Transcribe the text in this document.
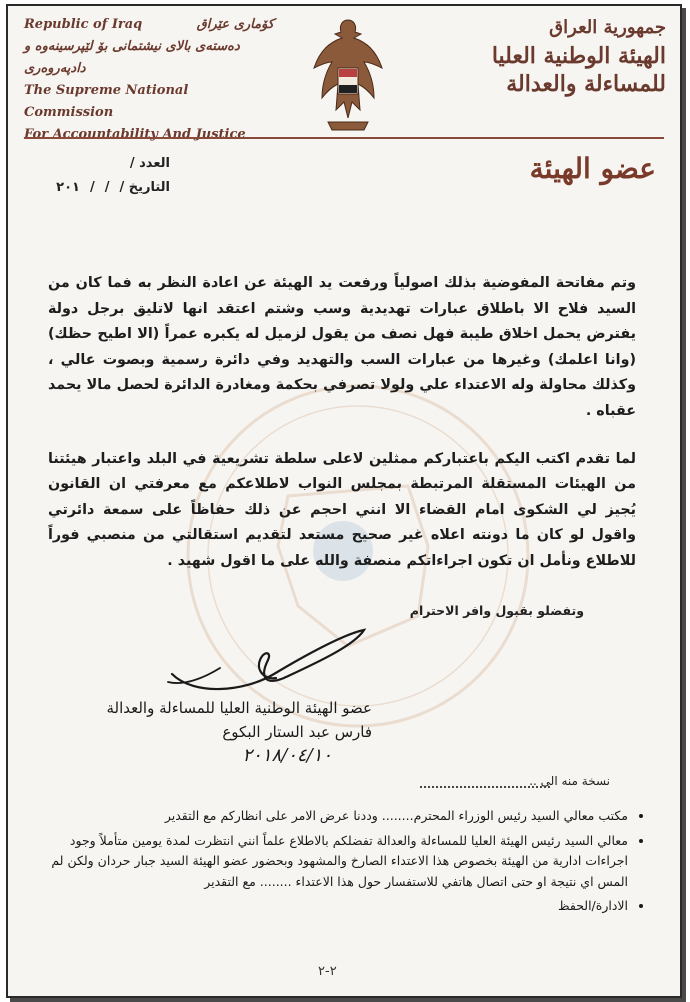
Republic of Iraq	كۆماری عێراق
دەستەی بالای نیشتمانی بۆ لێپرسینەوە و دادپەروەری
The Supreme National Commission
For Accountability And Justice
جمهورية العراق
الهيئة الوطنية العليا
للمساءلة والعدالة
العدد /
التاريخ /
/
/
٢٠١
عضو الهيئة

وتم مفاتحة المفوضية بذلك اصولياً ورفعت يد الهيئة عن اعادة النظر به فما كان من السيد فلاح الا باطلاق عبارات تهديدية وسب وشتم اعتقد انها لاتليق برجل دولة يفترض يحمل اخلاق طيبة فهل نصف من يقول لزميل له يكبره عمراً (الا اطيح حظك) (وانا اعلمك) وغيرها من عبارات السب والتهديد وفي دائرة رسمية وبصوت عالي ، وكذلك محاولة وله الاعتداء علي ولولا تصرفي بحكمة ومغادرة الدائرة لحصل مالا يحمد عقباه .

لما تقدم اكتب اليكم باعتباركم ممثلين لاعلى سلطة تشريعية في البلد واعتبار هيئتنا من الهيئات المستقلة المرتبطة بمجلس النواب لاطلاعكم مع معرفتي ان القانون يُجيز لي الشكوى امام القضاء الا انني احجم عن ذلك حفاظاً على سمعة دائرتي واقول لو كان ما دونته اعلاه غير صحيح مستعد لتقديم استقالتي من منصبي فوراً للاطلاع ونأمل ان تكون اجراءاتكم منصفة والله على ما اقول شهيد .

وتفضلو بقبول وافر الاحترام
عضو الهيئة الوطنية العليا للمساءلة والعدالة
فارس عبد الستار البكوع
٢٠١٨/٠٤/١٠
نسخة منه الى ..
• مكتب معالي السيد رئيس الوزراء المحترم........ وددنا عرض الامر على انظاركم مع التقدير
• معالي السيد رئيس الهيئة العليا للمساءلة والعدالة تفضلكم بالاطلاع علماً انني انتظرت لمدة يومين متأملاً وجود اجراءات ادارية من الهيئة بخصوص هذا الاعتداء الصارخ والمشهود وبحضور عضو الهيئة السيد جبار حردان ولكن لم المس اي نتيجة او حتى اتصال هاتفي للاستفسار حول هذا الاعتداء ........ مع التقدير
• الادارة/الحفظ
٢-٢
